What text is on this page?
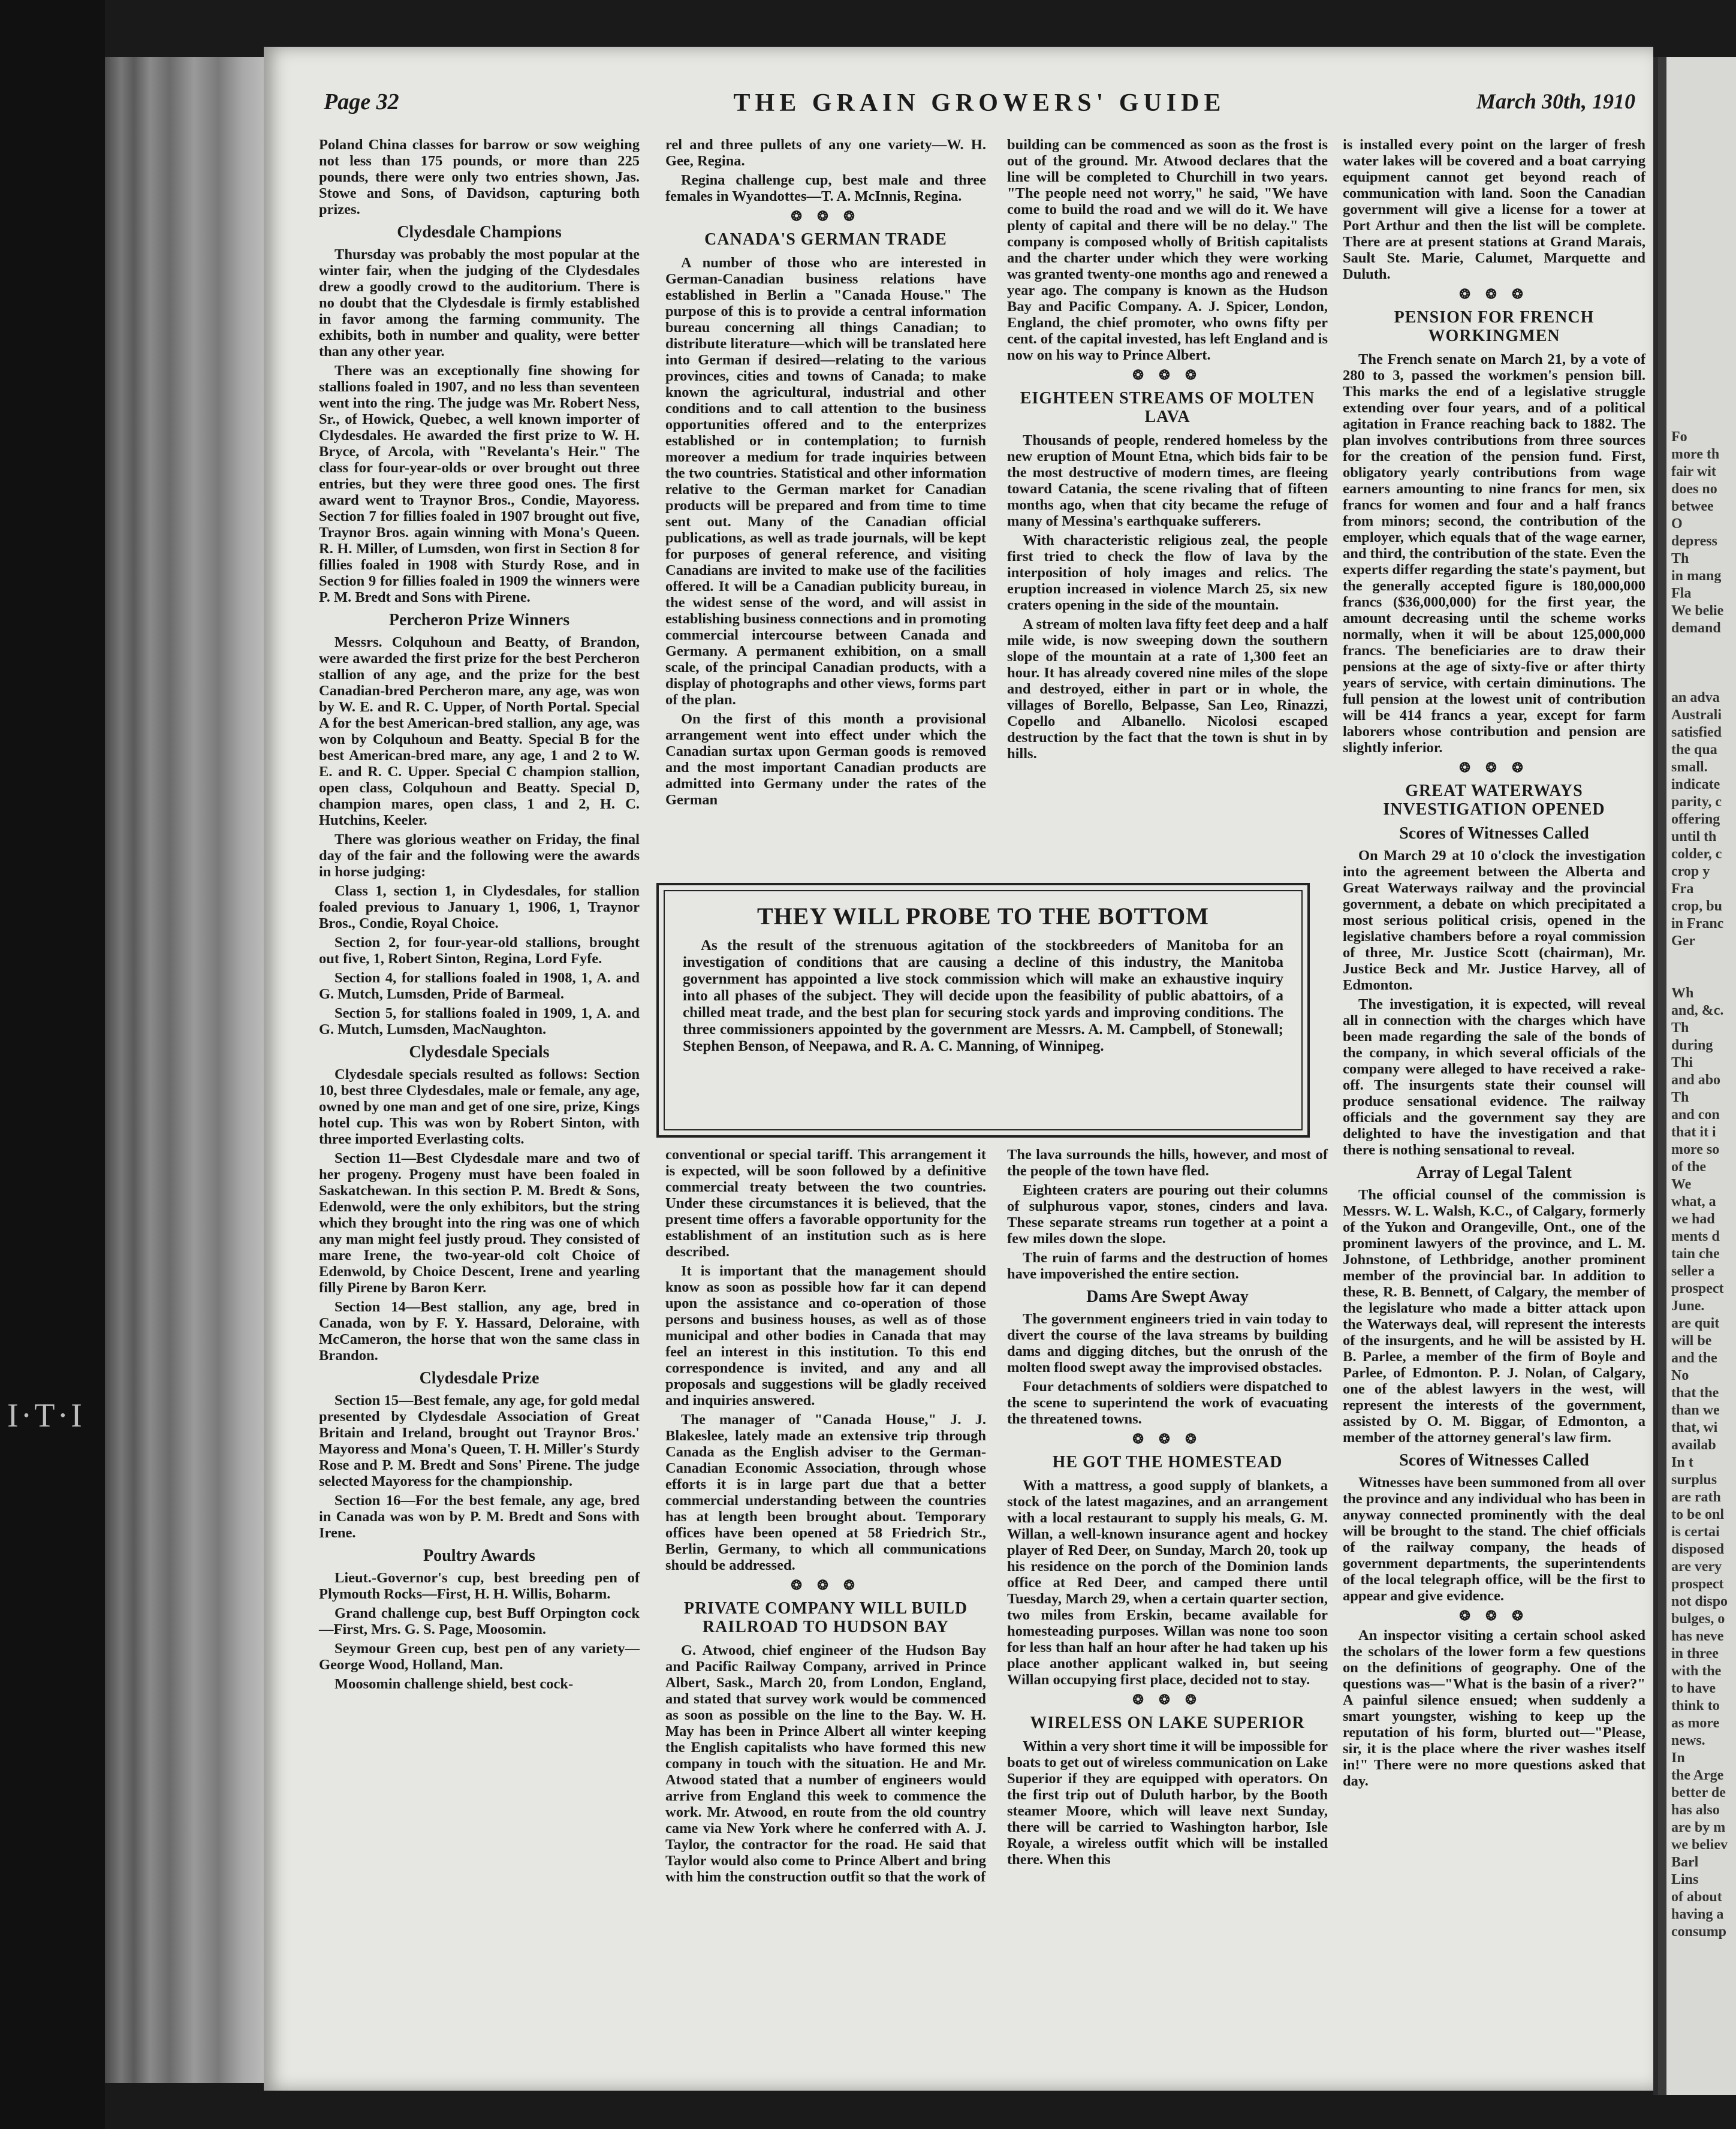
I·T·I
Page 32	THE GRAIN GROWERS' GUIDE	March 30th, 1910

Poland China classes for barrow or sow weighing not less than 175 pounds, or more than 225 pounds, there were only two entries shown, Jas. Stowe and Sons, of Davidson, capturing both prizes.

Clydesdale Champions

Thursday was probably the most popular at the winter fair, when the judging of the Clydesdales drew a goodly crowd to the auditorium. There is no doubt that the Clydesdale is firmly established in favor among the farming community. The exhibits, both in number and quality, were better than any other year.

There was an exceptionally fine showing for stallions foaled in 1907, and no less than seventeen went into the ring. The judge was Mr. Robert Ness, Sr., of Howick, Quebec, a well known importer of Clydesdales. He awarded the first prize to W. H. Bryce, of Arcola, with "Revelanta's Heir." The class for four-year-olds or over brought out three entries, but they were three good ones. The first award went to Traynor Bros., Condie, Mayoress. Section 7 for fillies foaled in 1907 brought out five, Traynor Bros. again winning with Mona's Queen. R. H. Miller, of Lumsden, won first in Section 8 for fillies foaled in 1908 with Sturdy Rose, and in Section 9 for fillies foaled in 1909 the winners were P. M. Bredt and Sons with Pirene.

Percheron Prize Winners

Messrs. Colquhoun and Beatty, of Brandon, were awarded the first prize for the best Percheron stallion of any age, and the prize for the best Canadian-bred Percheron mare, any age, was won by W. E. and R. C. Upper, of North Portal. Special A for the best American-bred stallion, any age, was won by Colquhoun and Beatty. Special B for the best American-bred mare, any age, 1 and 2 to W. E. and R. C. Upper. Special C champion stallion, open class, Colquhoun and Beatty. Special D, champion mares, open class, 1 and 2, H. C. Hutchins, Keeler.

There was glorious weather on Friday, the final day of the fair and the following were the awards in horse judging:

Class 1, section 1, in Clydesdales, for stallion foaled previous to January 1, 1906, 1, Traynor Bros., Condie, Royal Choice.

Section 2, for four-year-old stallions, brought out five, 1, Robert Sinton, Regina, Lord Fyfe.

Section 4, for stallions foaled in 1908, 1, A. and G. Mutch, Lumsden, Pride of Barmeal.

Section 5, for stallions foaled in 1909, 1, A. and G. Mutch, Lumsden, MacNaughton.

Clydesdale Specials

Clydesdale specials resulted as follows: Section 10, best three Clydesdales, male or female, any age, owned by one man and get of one sire, prize, Kings hotel cup. This was won by Robert Sinton, with three imported Everlasting colts.

Section 11—Best Clydesdale mare and two of her progeny. Progeny must have been foaled in Saskatchewan. In this section P. M. Bredt & Sons, Edenwold, were the only exhibitors, but the string which they brought into the ring was one of which any man might feel justly proud. They consisted of mare Irene, the two-year-old colt Choice of Edenwold, by Choice Descent, Irene and yearling filly Pirene by Baron Kerr.

Section 14—Best stallion, any age, bred in Canada, won by F. Y. Hassard, Deloraine, with McCameron, the horse that won the same class in Brandon.

Clydesdale Prize

Section 15—Best female, any age, for gold medal presented by Clydesdale Association of Great Britain and Ireland, brought out Traynor Bros.' Mayoress and Mona's Queen, T. H. Miller's Sturdy Rose and P. M. Bredt and Sons' Pirene. The judge selected Mayoress for the championship.

Section 16—For the best female, any age, bred in Canada was won by P. M. Bredt and Sons with Irene.

Poultry Awards

Lieut.-Governor's cup, best breeding pen of Plymouth Rocks—First, H. H. Willis, Boharm.

Grand challenge cup, best Buff Orpington cock—First, Mrs. G. S. Page, Moosomin.

Seymour Green cup, best pen of any variety—George Wood, Holland, Man.

Moosomin challenge shield, best cock-

rel and three pullets of any one variety—W. H. Gee, Regina.

Regina challenge cup, best male and three females in Wyandottes—T. A. McInnis, Regina.

❂ ❂ ❂
CANADA'S GERMAN TRADE

A number of those who are interested in German-Canadian business relations have established in Berlin a "Canada House." The purpose of this is to provide a central information bureau concerning all things Canadian; to distribute literature—which will be translated here into German if desired—relating to the various provinces, cities and towns of Canada; to make known the agricultural, industrial and other conditions and to call attention to the business opportunities offered and to the enterprizes established or in contemplation; to furnish moreover a medium for trade inquiries between the two countries. Statistical and other information relative to the German market for Canadian products will be prepared and from time to time sent out. Many of the Canadian official publications, as well as trade journals, will be kept for purposes of general reference, and visiting Canadians are invited to make use of the facilities offered. It will be a Canadian publicity bureau, in the widest sense of the word, and will assist in establishing business connections and in promoting commercial intercourse between Canada and Germany. A permanent exhibition, on a small scale, of the principal Canadian products, with a display of photographs and other views, forms part of the plan.

On the first of this month a provisional arrangement went into effect under which the Canadian surtax upon German goods is removed and the most important Canadian products are admitted into Germany under the rates of the German

building can be commenced as soon as the frost is out of the ground. Mr. Atwood declares that the line will be completed to Churchill in two years. "The people need not worry," he said, "We have come to build the road and we will do it. We have plenty of capital and there will be no delay." The company is composed wholly of British capitalists and the charter under which they were working was granted twenty-one months ago and renewed a year ago. The company is known as the Hudson Bay and Pacific Company. A. J. Spicer, London, England, the chief promoter, who owns fifty per cent. of the capital invested, has left England and is now on his way to Prince Albert.

❂ ❂ ❂
EIGHTEEN STREAMS OF MOLTEN LAVA

Thousands of people, rendered homeless by the new eruption of Mount Etna, which bids fair to be the most destructive of modern times, are fleeing toward Catania, the scene rivaling that of fifteen months ago, when that city became the refuge of many of Messina's earthquake sufferers.

With characteristic religious zeal, the people first tried to check the flow of lava by the interposition of holy images and relics. The eruption increased in violence March 25, six new craters opening in the side of the mountain.

A stream of molten lava fifty feet deep and a half mile wide, is now sweeping down the southern slope of the mountain at a rate of 1,300 feet an hour. It has already covered nine miles of the slope and destroyed, either in part or in whole, the villages of Borello, Belpasse, San Leo, Rinazzi, Copello and Albanello. Nicolosi escaped destruction by the fact that the town is shut in by hills.

THEY WILL PROBE TO THE BOTTOM

As the result of the strenuous agitation of the stockbreeders of Manitoba for an investigation of conditions that are causing a decline of this industry, the Manitoba government has appointed a live stock commission which will make an exhaustive inquiry into all phases of the subject. They will decide upon the feasibility of public abattoirs, of a chilled meat trade, and the best plan for securing stock yards and improving conditions. The three commissioners appointed by the government are Messrs. A. M. Campbell, of Stonewall; Stephen Benson, of Neepawa, and R. A. C. Manning, of Winnipeg.

conventional or special tariff. This arrangement it is expected, will be soon followed by a definitive commercial treaty between the two countries. Under these circumstances it is believed, that the present time offers a favorable opportunity for the establishment of an institution such as is here described.

It is important that the management should know as soon as possible how far it can depend upon the assistance and co-operation of those persons and business houses, as well as of those municipal and other bodies in Canada that may feel an interest in this institution. To this end correspondence is invited, and any and all proposals and suggestions will be gladly received and inquiries answered.

The manager of "Canada House," J. J. Blakeslee, lately made an extensive trip through Canada as the English adviser to the German-Canadian Economic Association, through whose efforts it is in large part due that a better commercial understanding between the countries has at length been brought about. Temporary offices have been opened at 58 Friedrich Str., Berlin, Germany, to which all communications should be addressed.

❂ ❂ ❂
PRIVATE COMPANY WILL BUILD RAILROAD TO HUDSON BAY

G. Atwood, chief engineer of the Hudson Bay and Pacific Railway Company, arrived in Prince Albert, Sask., March 20, from London, England, and stated that survey work would be commenced as soon as possible on the line to the Bay. W. H. May has been in Prince Albert all winter keeping the English capitalists who have formed this new company in touch with the situation. He and Mr. Atwood stated that a number of engineers would arrive from England this week to commence the work. Mr. Atwood, en route from the old country came via New York where he conferred with A. J. Taylor, the contractor for the road. He said that Taylor would also come to Prince Albert and bring with him the construction outfit so that the work of

The lava surrounds the hills, however, and most of the people of the town have fled.

Eighteen craters are pouring out their columns of sulphurous vapor, stones, cinders and lava. These separate streams run together at a point a few miles down the slope.

The ruin of farms and the destruction of homes have impoverished the entire section.

Dams Are Swept Away

The government engineers tried in vain today to divert the course of the lava streams by building dams and digging ditches, but the onrush of the molten flood swept away the improvised obstacles.

Four detachments of soldiers were dispatched to the scene to superintend the work of evacuating the threatened towns.

❂ ❂ ❂
HE GOT THE HOMESTEAD

With a mattress, a good supply of blankets, a stock of the latest magazines, and an arrangement with a local restaurant to supply his meals, G. M. Willan, a well-known insurance agent and hockey player of Red Deer, on Sunday, March 20, took up his residence on the porch of the Dominion lands office at Red Deer, and camped there until Tuesday, March 29, when a certain quarter section, two miles from Erskin, became available for homesteading purposes. Willan was none too soon for less than half an hour after he had taken up his place another applicant walked in, but seeing Willan occupying first place, decided not to stay.

❂ ❂ ❂
WIRELESS ON LAKE SUPERIOR

Within a very short time it will be impossible for boats to get out of wireless communication on Lake Superior if they are equipped with operators. On the first trip out of Duluth harbor, by the Booth steamer Moore, which will leave next Sunday, there will be carried to Washington harbor, Isle Royale, a wireless outfit which will be installed there. When this

is installed every point on the larger of fresh water lakes will be covered and a boat carrying equipment cannot get beyond reach of communication with land. Soon the Canadian government will give a license for a tower at Port Arthur and then the list will be complete. There are at present stations at Grand Marais, Sault Ste. Marie, Calumet, Marquette and Duluth.

❂ ❂ ❂
PENSION FOR FRENCH WORKINGMEN

The French senate on March 21, by a vote of 280 to 3, passed the workmen's pension bill. This marks the end of a legislative struggle extending over four years, and of a political agitation in France reaching back to 1882. The plan involves contributions from three sources for the creation of the pension fund. First, obligatory yearly contributions from wage earners amounting to nine francs for men, six francs for women and four and a half francs from minors; second, the contribution of the employer, which equals that of the wage earner, and third, the contribution of the state. Even the experts differ regarding the state's payment, but the generally accepted figure is 180,000,000 francs ($36,000,000) for the first year, the amount decreasing until the scheme works normally, when it will be about 125,000,000 francs. The beneficiaries are to draw their pensions at the age of sixty-five or after thirty years of service, with certain diminutions. The full pension at the lowest unit of contribution will be 414 francs a year, except for farm laborers whose contribution and pension are slightly inferior.

❂ ❂ ❂
GREAT WATERWAYS INVESTIGATION OPENED
Scores of Witnesses Called

On March 29 at 10 o'clock the investigation into the agreement between the Alberta and Great Waterways railway and the provincial government, a debate on which precipitated a most serious political crisis, opened in the legislative chambers before a royal commission of three, Mr. Justice Scott (chairman), Mr. Justice Beck and Mr. Justice Harvey, all of Edmonton.

The investigation, it is expected, will reveal all in connection with the charges which have been made regarding the sale of the bonds of the company, in which several officials of the company were alleged to have received a rake-off. The insurgents state their counsel will produce sensational evidence. The railway officials and the government say they are delighted to have the investigation and that there is nothing sensational to reveal.

Array of Legal Talent

The official counsel of the commission is Messrs. W. L. Walsh, K.C., of Calgary, formerly of the Yukon and Orangeville, Ont., one of the prominent lawyers of the province, and L. M. Johnstone, of Lethbridge, another prominent member of the provincial bar. In addition to these, R. B. Bennett, of Calgary, the member of the legislature who made a bitter attack upon the Waterways deal, will represent the interests of the insurgents, and he will be assisted by H. B. Parlee, a member of the firm of Boyle and Parlee, of Edmonton. P. J. Nolan, of Calgary, one of the ablest lawyers in the west, will represent the interests of the government, assisted by O. M. Biggar, of Edmonton, a member of the attorney general's law firm.

Scores of Witnesses Called

Witnesses have been summoned from all over the province and any individual who has been in anyway connected prominently with the deal will be brought to the stand. The chief officials of the railway company, the heads of government departments, the superintendents of the local telegraph office, will be the first to appear and give evidence.

❂ ❂ ❂

An inspector visiting a certain school asked the scholars of the lower form a few questions on the definitions of geography. One of the questions was—"What is the basin of a river?" A painful silence ensued; when suddenly a smart youngster, wishing to keep up the reputation of his form, blurted out—"Please, sir, it is the place where the river washes itself in!" There were no more questions asked that day.

Fo
more th
fair wit
does no
betwee
O
depress
Th
in mang
Fla
We belie
demand

an adva
Australi
satisfied
the qua
small.
indicate
parity, c
offering
until th
colder, c
crop y
Fra
crop, bu
in Franc
Ger

Wh
and, &c.
Th
during
Thi
and abo
Th
and con
that it i
more so
of the
We
what, a
we had
ments d
tain che
seller a
prospect
June.
are quit
will be
and the
No
that the
than we
that, wi
availab
In t
surplus
are rath
to be onl
is certai
disposed
are very
prospect
not dispo
bulges, o
has neve
in three
with the
to have
think to
as more
news.
In
the Arge
better de
has also
are by m
we believ
Barl
Lins
of about
having a
consump
